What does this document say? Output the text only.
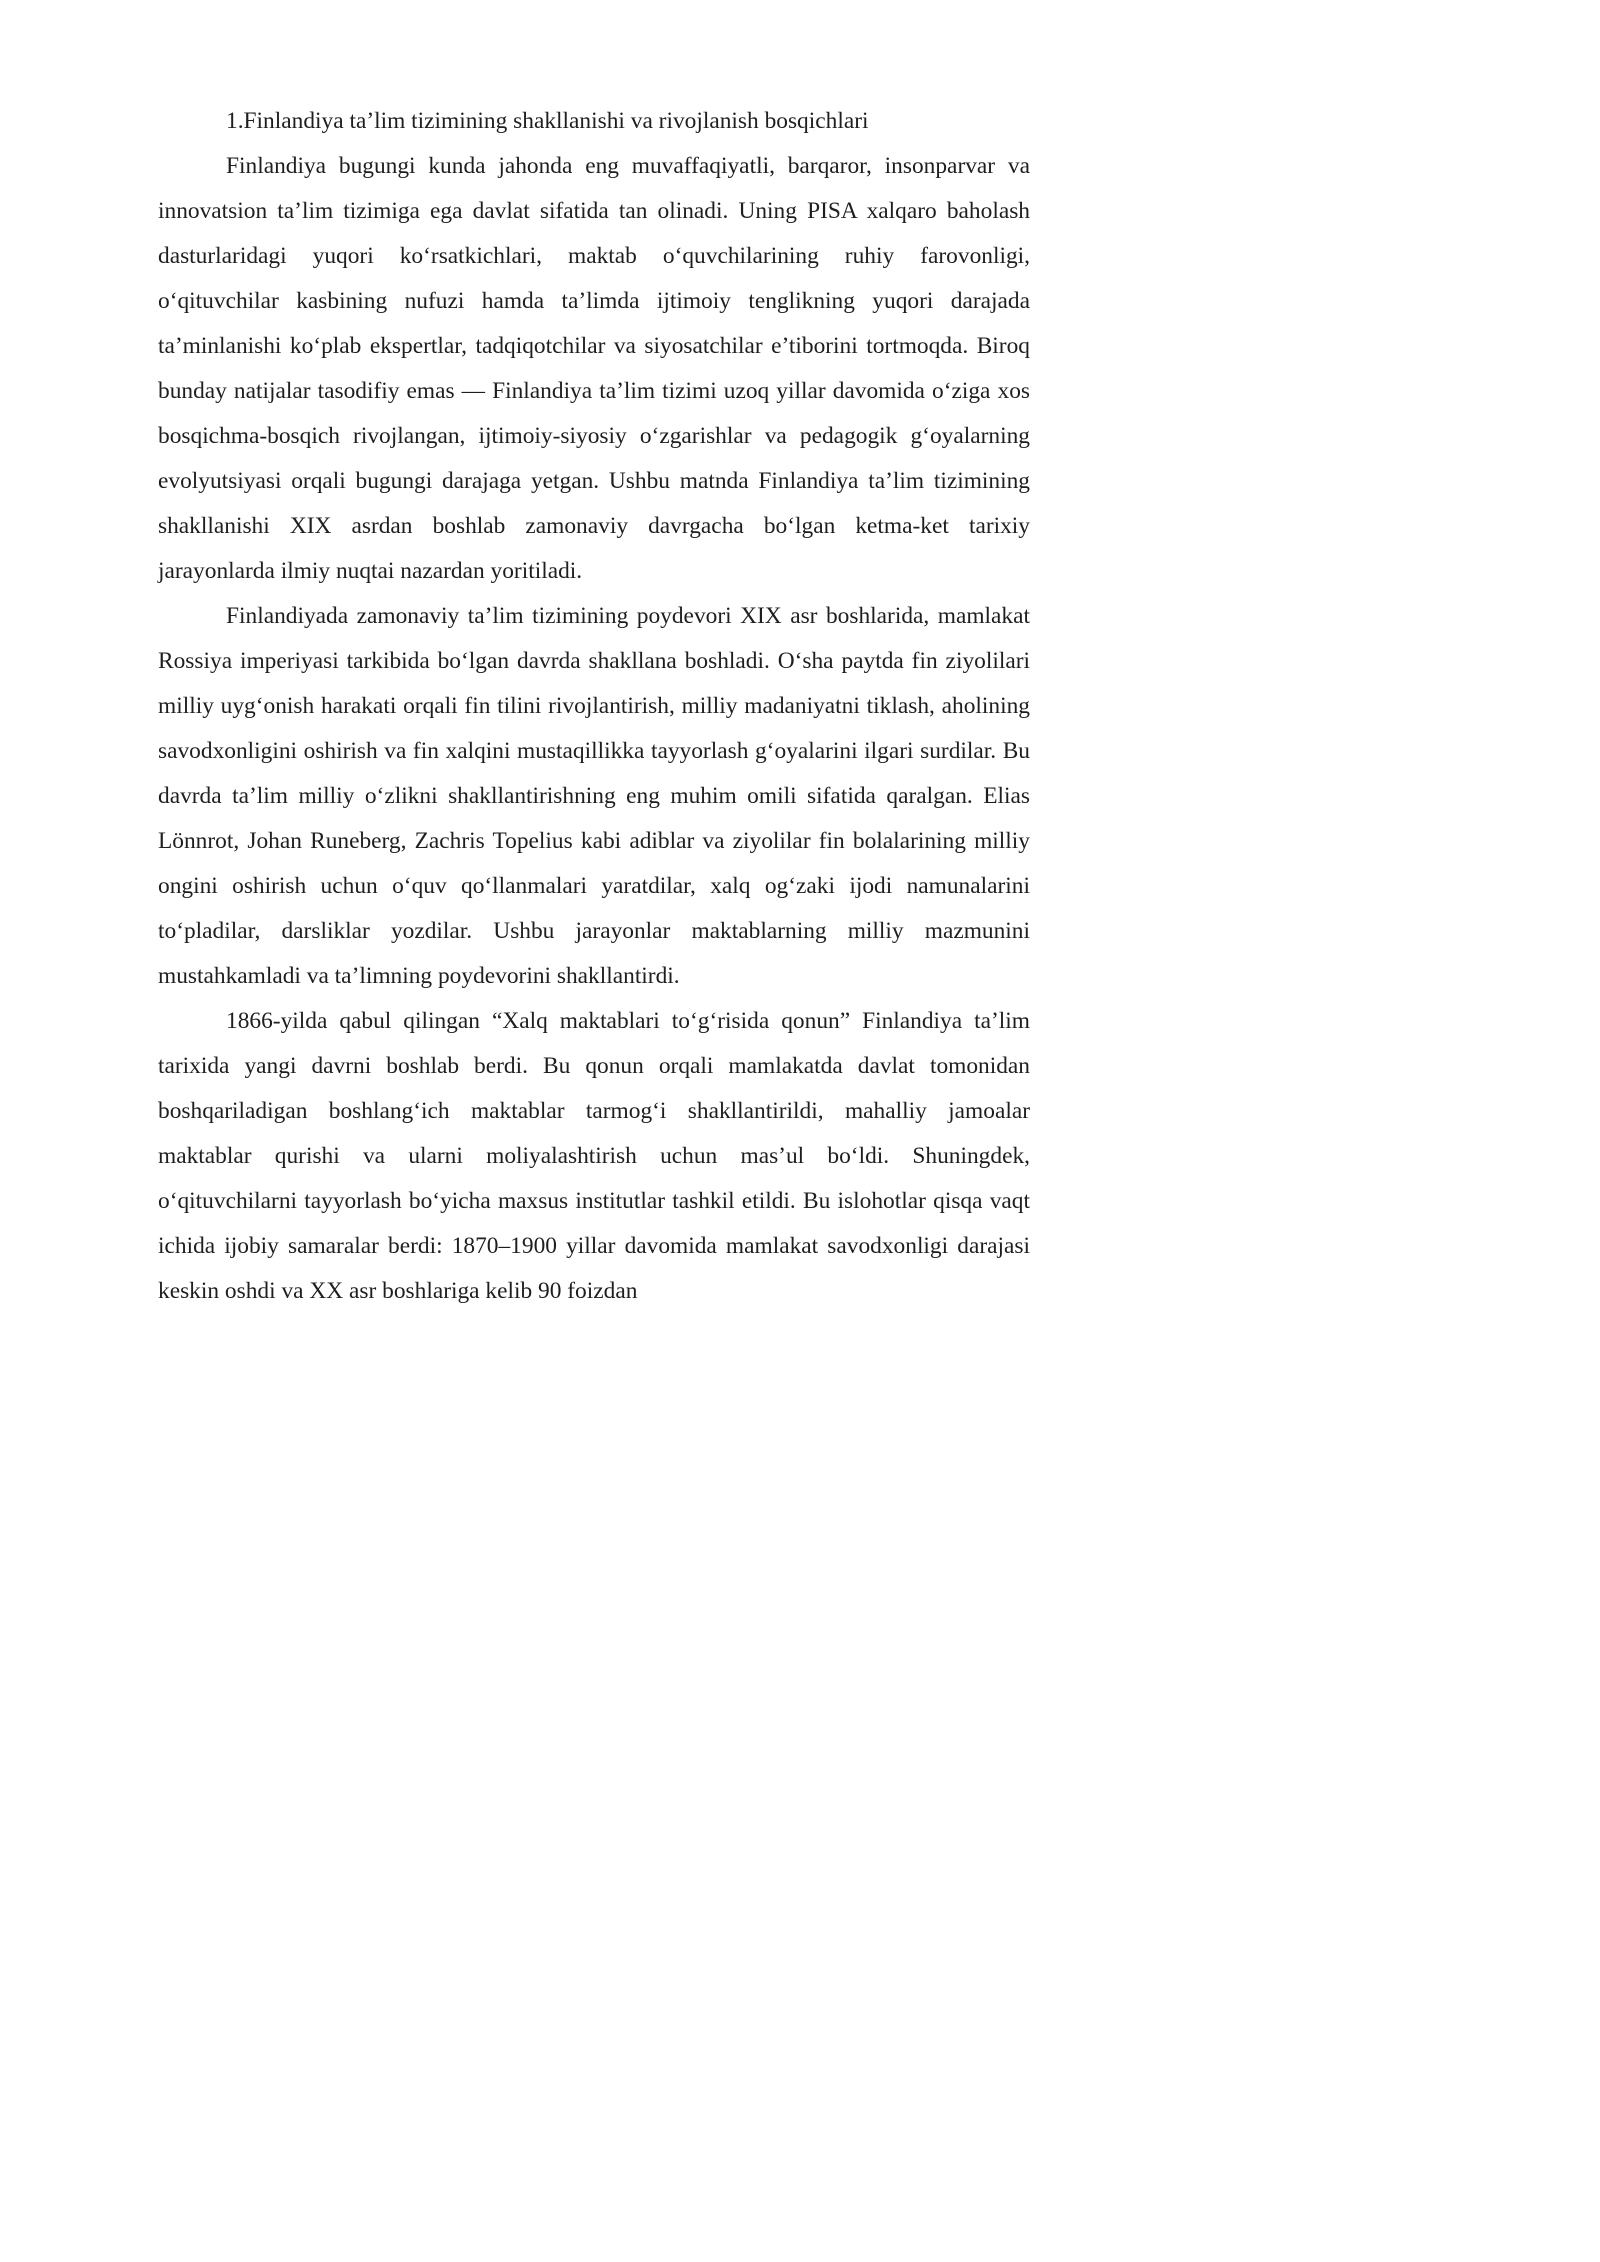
1.Finlandiya ta’lim tizimining shakllanishi va rivojlanish bosqichlari

Finlandiya bugungi kunda jahonda eng muvaffaqiyatli, barqaror, insonparvar va innovatsion ta’lim tizimiga ega davlat sifatida tan olinadi. Uning PISA xalqaro baholash dasturlaridagi yuqori ko‘rsatkichlari, maktab o‘quvchilarining ruhiy farovonligi, o‘qituvchilar kasbining nufuzi hamda ta’limda ijtimoiy tenglikning yuqori darajada ta’minlanishi ko‘plab ekspertlar, tadqiqotchilar va siyosatchilar e’tiborini tortmoqda. Biroq bunday natijalar tasodifiy emas — Finlandiya ta’lim tizimi uzoq yillar davomida o‘ziga xos bosqichma-bosqich rivojlangan, ijtimoiy-siyosiy o‘zgarishlar va pedagogik g‘oyalarning evolyutsiyasi orqali bugungi darajaga yetgan. Ushbu matnda Finlandiya ta’lim tizimining shakllanishi XIX asrdan boshlab zamonaviy davrgacha bo‘lgan ketma-ket tarixiy jarayonlarda ilmiy nuqtai nazardan yoritiladi.

Finlandiyada zamonaviy ta’lim tizimining poydevori XIX asr boshlarida, mamlakat Rossiya imperiyasi tarkibida bo‘lgan davrda shakllana boshladi. O‘sha paytda fin ziyolilari milliy uyg‘onish harakati orqali fin tilini rivojlantirish, milliy madaniyatni tiklash, aholining savodxonligini oshirish va fin xalqini mustaqillikka tayyorlash g‘oyalarini ilgari surdilar. Bu davrda ta’lim milliy o‘zlikni shakllantirishning eng muhim omili sifatida qaralgan. Elias Lönnrot, Johan Runeberg, Zachris Topelius kabi adiblar va ziyolilar fin bolalarining milliy ongini oshirish uchun o‘quv qo‘llanmalari yaratdilar, xalq og‘zaki ijodi namunalarini to‘pladilar, darsliklar yozdilar. Ushbu jarayonlar maktablarning milliy mazmunini mustahkamladi va ta’limning poydevorini shakllantirdi.

1866-yilda qabul qilingan “Xalq maktablari to‘g‘risida qonun” Finlandiya ta’lim tarixida yangi davrni boshlab berdi. Bu qonun orqali mamlakatda davlat tomonidan boshqariladigan boshlang‘ich maktablar tarmog‘i shakllantirildi, mahalliy jamoalar maktablar qurishi va ularni moliyalashtirish uchun mas’ul bo‘ldi. Shuningdek, o‘qituvchilarni tayyorlash bo‘yicha maxsus institutlar tashkil etildi. Bu islohotlar qisqa vaqt ichida ijobiy samaralar berdi: 1870–1900 yillar davomida mamlakat savodxonligi darajasi keskin oshdi va XX asr boshlariga kelib 90 foizdan
